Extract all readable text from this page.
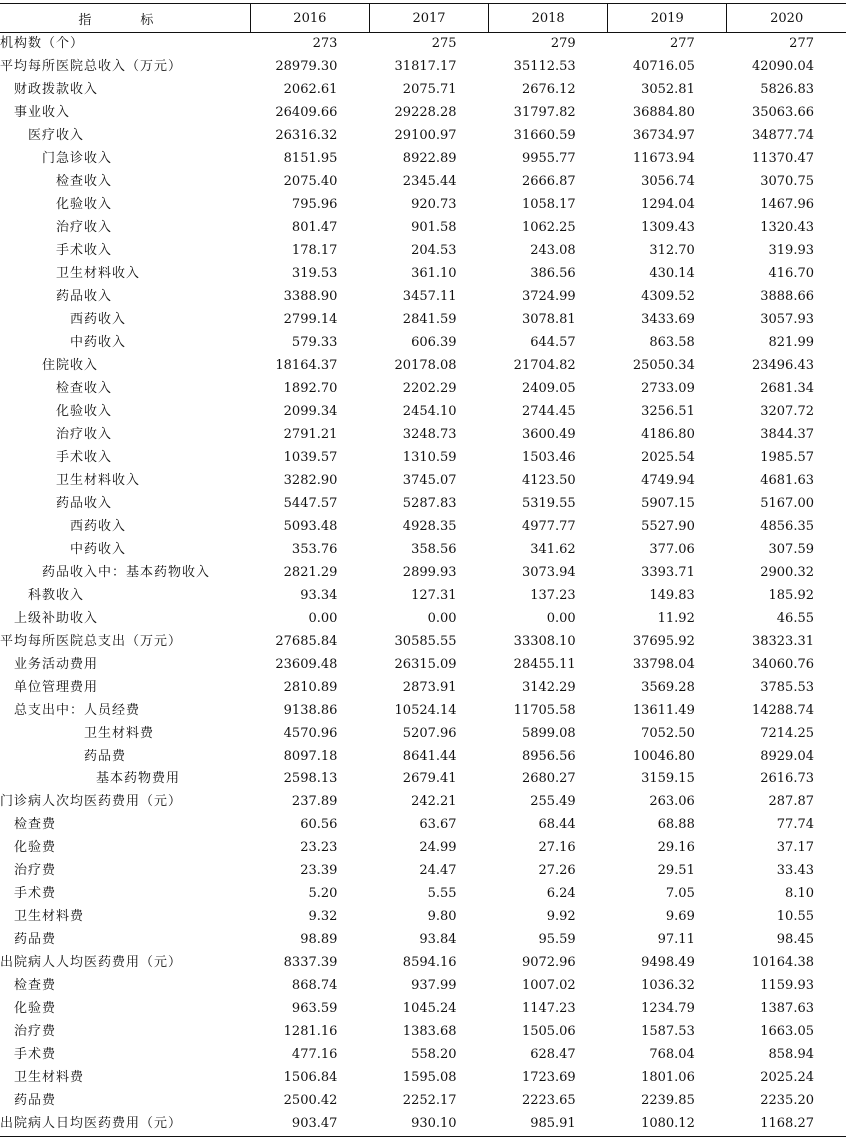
指　标	2016	2017	2018	2019	2020
机构数（个）	273	275	279	277	277
平均每所医院总收入（万元）	28979.30	31817.17	35112.53	40716.05	42090.04
财政拨款收入	2062.61	2075.71	2676.12	3052.81	5826.83
事业收入	26409.66	29228.28	31797.82	36884.80	35063.66
医疗收入	26316.32	29100.97	31660.59	36734.97	34877.74
门急诊收入	8151.95	8922.89	9955.77	11673.94	11370.47
检查收入	2075.40	2345.44	2666.87	3056.74	3070.75
化验收入	795.96	920.73	1058.17	1294.04	1467.96
治疗收入	801.47	901.58	1062.25	1309.43	1320.43
手术收入	178.17	204.53	243.08	312.70	319.93
卫生材料收入	319.53	361.10	386.56	430.14	416.70
药品收入	3388.90	3457.11	3724.99	4309.52	3888.66
西药收入	2799.14	2841.59	3078.81	3433.69	3057.93
中药收入	579.33	606.39	644.57	863.58	821.99
住院收入	18164.37	20178.08	21704.82	25050.34	23496.43
检查收入	1892.70	2202.29	2409.05	2733.09	2681.34
化验收入	2099.34	2454.10	2744.45	3256.51	3207.72
治疗收入	2791.21	3248.73	3600.49	4186.80	3844.37
手术收入	1039.57	1310.59	1503.46	2025.54	1985.57
卫生材料收入	3282.90	3745.07	4123.50	4749.94	4681.63
药品收入	5447.57	5287.83	5319.55	5907.15	5167.00
西药收入	5093.48	4928.35	4977.77	5527.90	4856.35
中药收入	353.76	358.56	341.62	377.06	307.59
药品收入中：基本药物收入	2821.29	2899.93	3073.94	3393.71	2900.32
科教收入	93.34	127.31	137.23	149.83	185.92
上级补助收入	0.00	0.00	0.00	11.92	46.55
平均每所医院总支出（万元）	27685.84	30585.55	33308.10	37695.92	38323.31
业务活动费用	23609.48	26315.09	28455.11	33798.04	34060.76
单位管理费用	2810.89	2873.91	3142.29	3569.28	3785.53
总支出中：人员经费	9138.86	10524.14	11705.58	13611.49	14288.74
卫生材料费	4570.96	5207.96	5899.08	7052.50	7214.25
药品费	8097.18	8641.44	8956.56	10046.80	8929.04
基本药物费用	2598.13	2679.41	2680.27	3159.15	2616.73
门诊病人次均医药费用（元）	237.89	242.21	255.49	263.06	287.87
检查费	60.56	63.67	68.44	68.88	77.74
化验费	23.23	24.99	27.16	29.16	37.17
治疗费	23.39	24.47	27.26	29.51	33.43
手术费	5.20	5.55	6.24	7.05	8.10
卫生材料费	9.32	9.80	9.92	9.69	10.55
药品费	98.89	93.84	95.59	97.11	98.45
出院病人人均医药费用（元）	8337.39	8594.16	9072.96	9498.49	10164.38
检查费	868.74	937.99	1007.02	1036.32	1159.93
化验费	963.59	1045.24	1147.23	1234.79	1387.63
治疗费	1281.16	1383.68	1505.06	1587.53	1663.05
手术费	477.16	558.20	628.47	768.04	858.94
卫生材料费	1506.84	1595.08	1723.69	1801.06	2025.24
药品费	2500.42	2252.17	2223.65	2239.85	2235.20
出院病人日均医药费用（元）	903.47	930.10	985.91	1080.12	1168.27
